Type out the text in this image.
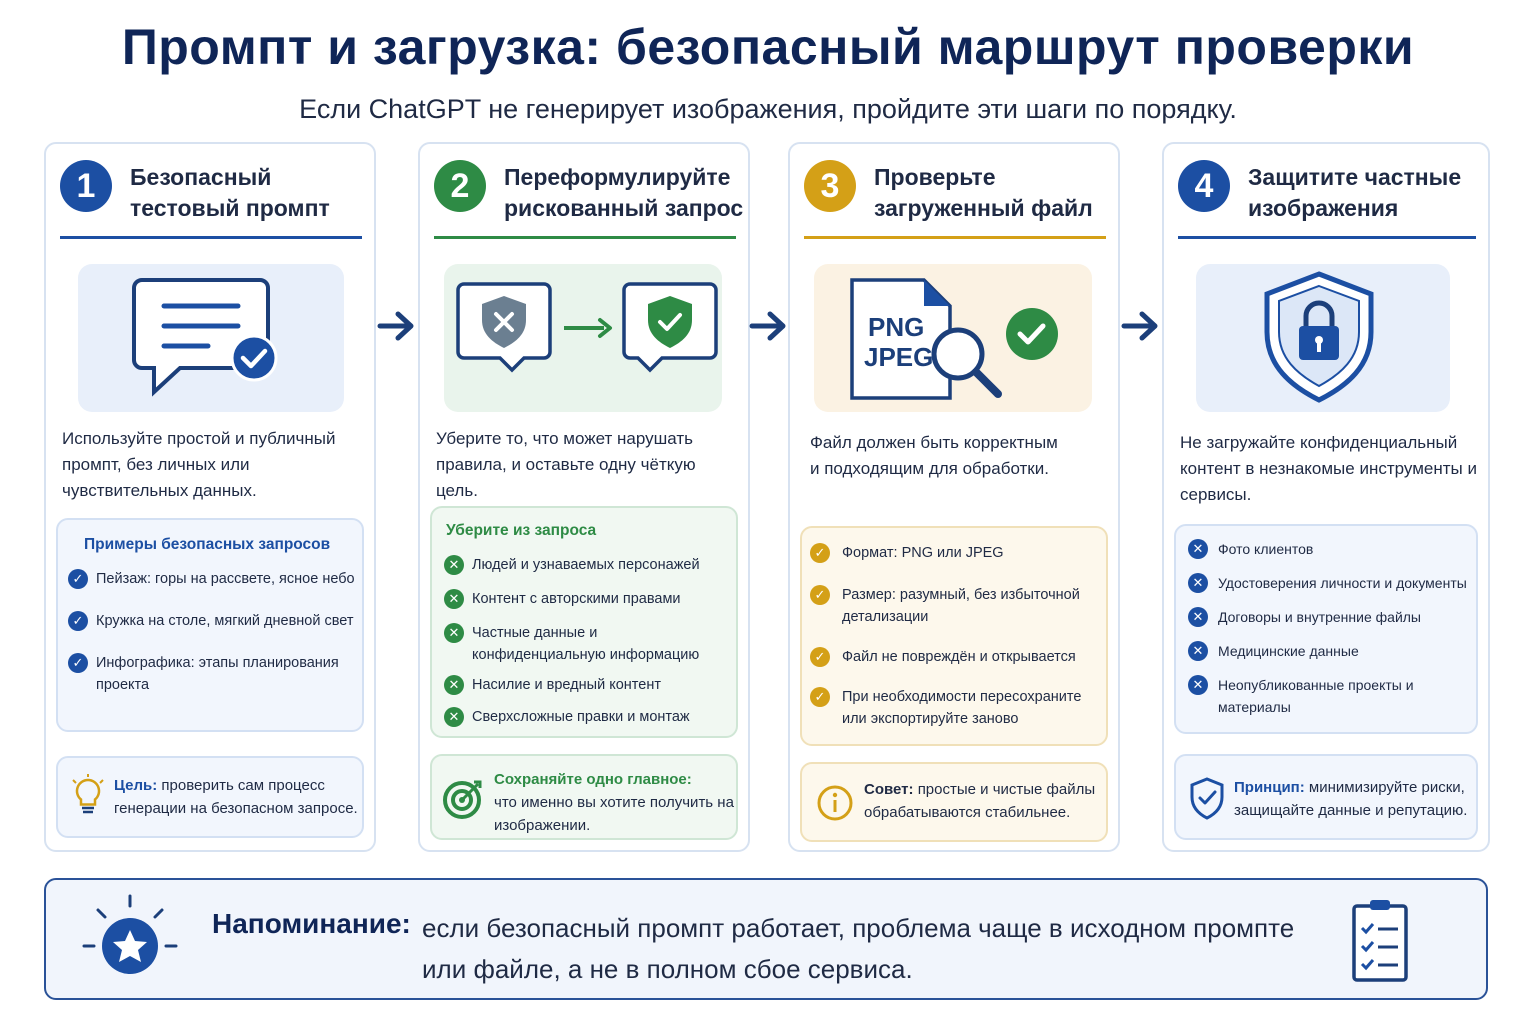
Промпт и загрузка: безопасный маршрут проверки
Если ChatGPT не генерирует изображения, пройдите эти шаги по порядку.
1	Безопасный тестовый промпт
Используйте простой и публичный промпт, без личных или чувствительных данных.
Примеры безопасных запросов
✓ Пейзаж: горы на рассвете, ясное небо
✓ Кружка на столе, мягкий дневной свет
✓ Инфографика: этапы планирования проекта
Цель: проверить сам процесс генерации на безопасном запросе.
2	Переформулируйте рискованный запрос
Уберите то, что может нарушать правила, и оставьте одну чёткую цель.
Уберите из запроса
✕ Людей и узнаваемых персонажей
✕ Контент с авторскими правами
✕ Частные данные и конфиденциальную информацию
✕ Насилие и вредный контент
✕ Сверхсложные правки и монтаж
Сохраняйте одно главное:
что именно вы хотите получить на изображении.
3	Проверьте загруженный файл
PNG
JPEG
Файл должен быть корректным и подходящим для обработки.
✓	Формат: PNG или JPEG
✓	Размер: разумный, без избыточной детализации
✓	Файл не повреждён и открывается
✓	При необходимости пересохраните или экспортируйте заново
Совет: простые и чистые файлы обрабатываются стабильнее.
4	Защитите частные изображения
Не загружайте конфиденциальный контент в незнакомые инструменты и сервисы.
✕	Фото клиентов
✕	Удостоверения личности и документы
✕	Договоры и внутренние файлы
✕	Медицинские данные
✕	Неопубликованные проекты и материалы
Принцип: минимизируйте риски, защищайте данные и репутацию.
Напоминание: если безопасный промпт работает, проблема чаще в исходном промпте или файле, а не в полном сбое сервиса.
